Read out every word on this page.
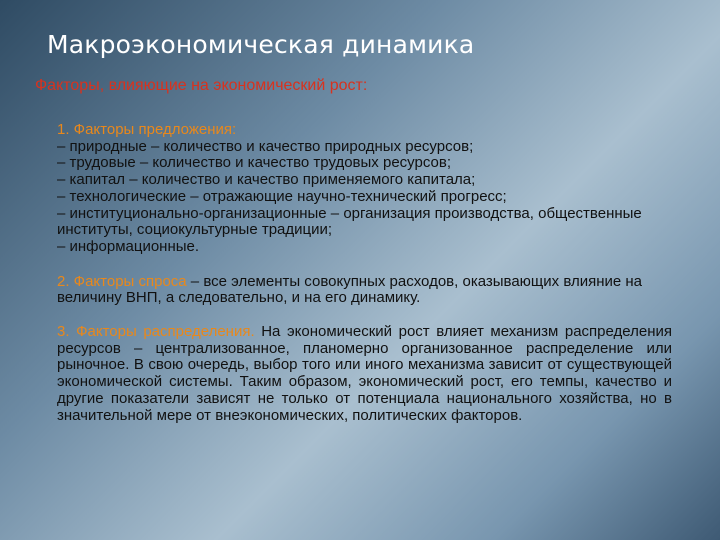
Макроэкономическая динамика
Факторы, влияющие на экономический рост:

1. Факторы предложения:

– природные – количество и качество природных ресурсов;

– трудовые – количество и качество трудовых ресурсов;

– капитал – количество и качество применяемого капитала;

– технологические – отражающие научно-технический прогресс;

– институционально-организационные – организация производства, общественные институты, социокультурные традиции;

– информационные.

2. Факторы спроса – все элементы совокупных расходов, оказывающих влияние на величину ВНП, а следовательно, и на его динамику.

3. Факторы распределения. На экономический рост влияет механизм распределения ресурсов – централизованное, планомерно организованное распределение или рыночное. В свою очередь, выбор того или иного механизма зависит от существующей экономической системы. Таким образом, экономический рост, его темпы, качество и другие показатели зависят не только от потенциала национального хозяйства, но в значительной мере от внеэкономических, политических факторов.
